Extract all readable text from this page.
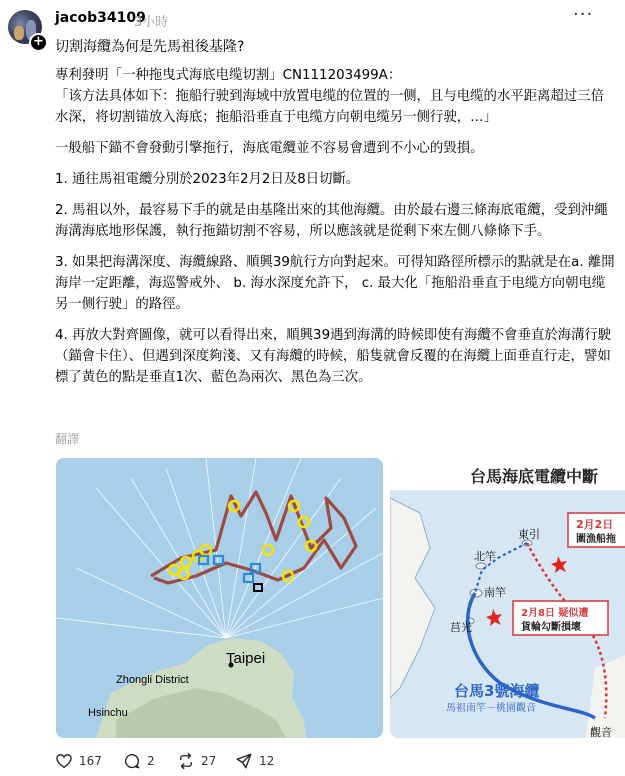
+
jacob34109
3小時	···
切割海纜為何是先馬祖後基隆?

專利發明「一种拖曳式海底电缆切割」CN111203499A：
「该方法具体如下：拖船行驶到海域中放置电缆的位置的一侧，且与电缆的水平距离超过三倍水深，将切割锚放入海底；拖船沿垂直于电缆方向朝电缆另一侧行驶，…」

一般船下錨不會發動引擎拖行，海底電纜並不容易會遭到不小心的毀損。

1. 通往馬祖電纜分別於2023年2月2日及8日切斷。

2. 馬祖以外，最容易下手的就是由基隆出來的其他海纜。由於最右邊三條海底電纜，受到沖繩海溝海底地形保護，執行拖錨切割不容易，所以應該就是從剩下來左側八條條下手。

3. 如果把海溝深度、海纜線路、順興39航行方向對起來。可得知路徑所標示的點就是在a. 離開海岸一定距離，海巡警戒外、 b. 海水深度允許下， c. 最大化「拖船沿垂直于电缆方向朝电缆另一侧行驶」的路徑。

4. 再放大對齊圖像，就可以看得出來，順興39遇到海溝的時候即使有海纜不會垂直於海溝行駛（錨會卡住）、但遇到深度夠淺、又有海纜的時候，船隻就會反覆的在海纜上面垂直行走，譬如標了黃色的點是垂直1次、藍色為兩次、黑色為三次。

翻譯
Taipei
Zhongli District
Hsinchu
台馬海底電纜中斷
2月2日
圍漁船拖
2月8日 疑似遭
貨輪勾斷損壞
東引
北竿
南竿
莒光
觀音
台馬3號海纜
馬祖南竿－桃園觀音
167	2	27	12
